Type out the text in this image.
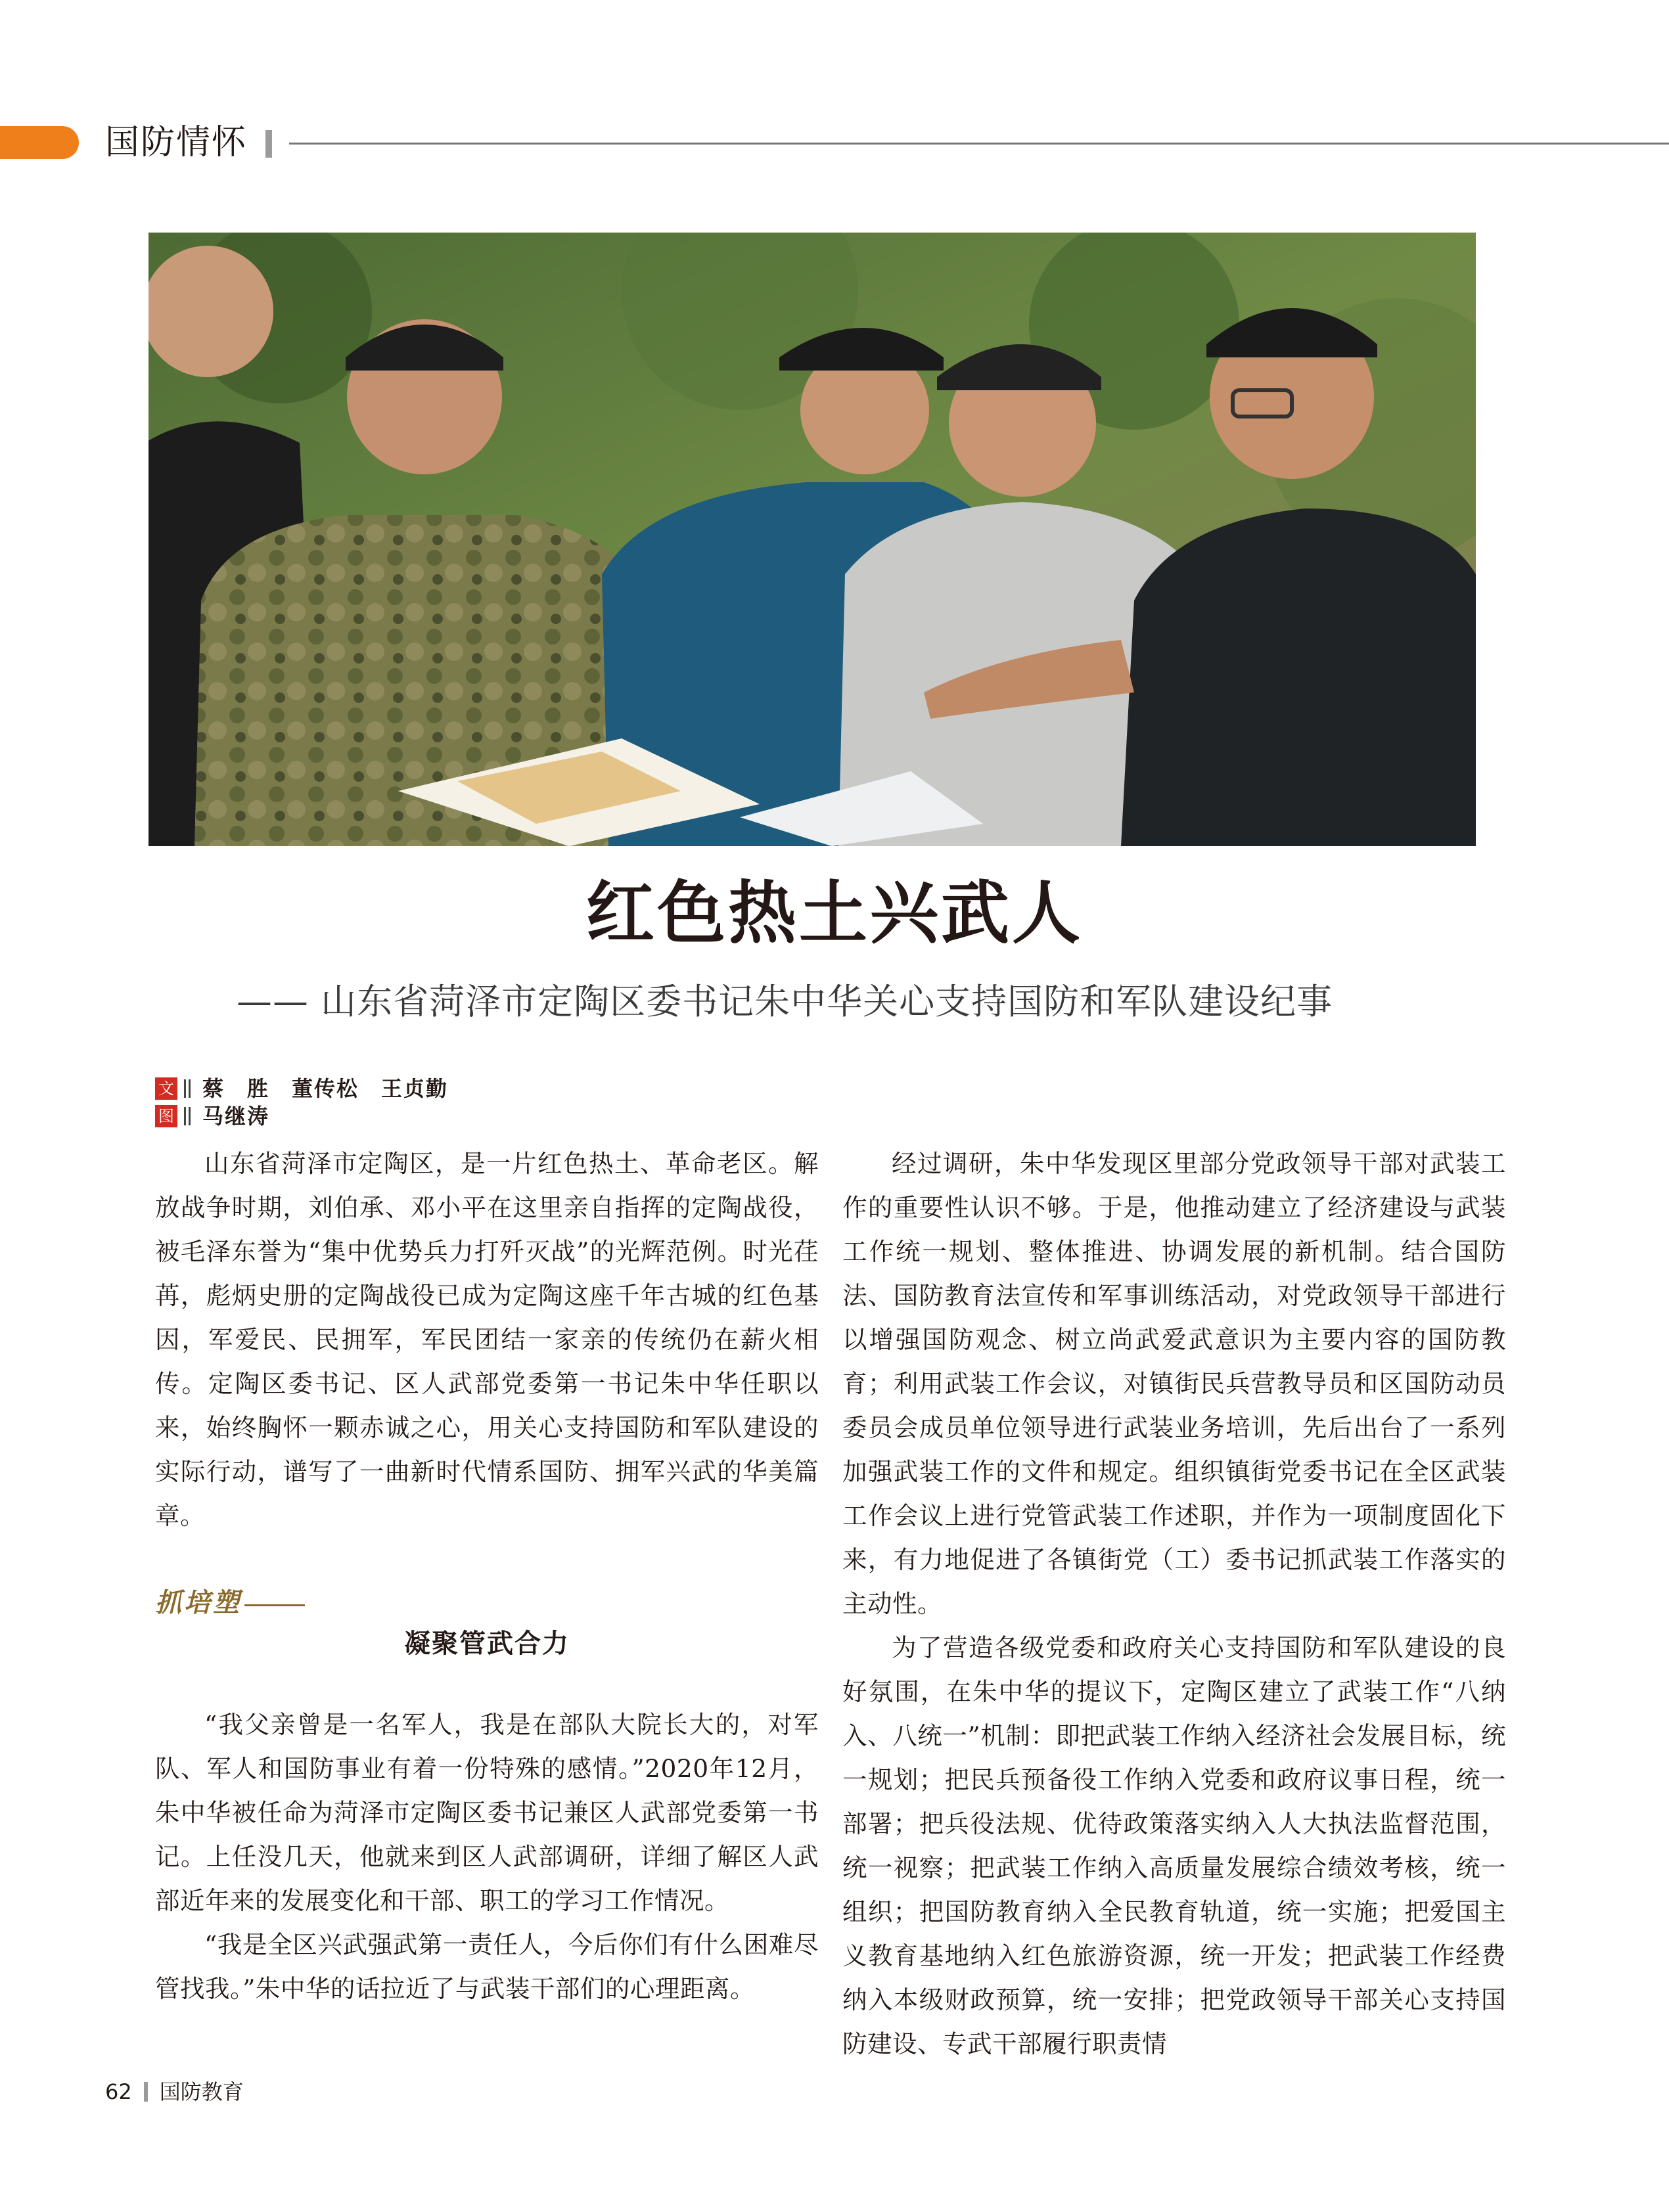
国防情怀
红色热土兴武人
—— 山东省菏泽市定陶区委书记朱中华关心支持国防和军队建设纪事
文 蔡　胜　董传松　王贞勤
图 马继涛

山东省菏泽市定陶区，是一片红色热土、革命老区。解放战争时期，刘伯承、邓小平在这里亲自指挥的定陶战役，被毛泽东誉为“集中优势兵力打歼灭战”的光辉范例。时光荏苒，彪炳史册的定陶战役已成为定陶这座千年古城的红色基因，军爱民、民拥军，军民团结一家亲的传统仍在薪火相传。定陶区委书记、区人武部党委第一书记朱中华任职以来，始终胸怀一颗赤诚之心，用关心支持国防和军队建设的实际行动，谱写了一曲新时代情系国防、拥军兴武的华美篇章。

抓培塑
凝聚管武合力

“我父亲曾是一名军人，我是在部队大院长大的，对军队、军人和国防事业有着一份特殊的感情。”2020年12月，朱中华被任命为菏泽市定陶区委书记兼区人武部党委第一书记。上任没几天，他就来到区人武部调研，详细了解区人武部近年来的发展变化和干部、职工的学习工作情况。

“我是全区兴武强武第一责任人，今后你们有什么困难尽管找我。”朱中华的话拉近了与武装干部们的心理距离。

经过调研，朱中华发现区里部分党政领导干部对武装工作的重要性认识不够。于是，他推动建立了经济建设与武装工作统一规划、整体推进、协调发展的新机制。结合国防法、国防教育法宣传和军事训练活动，对党政领导干部进行以增强国防观念、树立尚武爱武意识为主要内容的国防教育；利用武装工作会议，对镇街民兵营教导员和区国防动员委员会成员单位领导进行武装业务培训，先后出台了一系列加强武装工作的文件和规定。组织镇街党委书记在全区武装工作会议上进行党管武装工作述职，并作为一项制度固化下来，有力地促进了各镇街党（工）委书记抓武装工作落实的主动性。

为了营造各级党委和政府关心支持国防和军队建设的良好氛围，在朱中华的提议下，定陶区建立了武装工作“八纳入、八统一”机制：即把武装工作纳入经济社会发展目标，统一规划；把民兵预备役工作纳入党委和政府议事日程，统一部署；把兵役法规、优待政策落实纳入人大执法监督范围，统一视察；把武装工作纳入高质量发展综合绩效考核，统一组织；把国防教育纳入全民教育轨道，统一实施；把爱国主义教育基地纳入红色旅游资源，统一开发；把武装工作经费纳入本级财政预算，统一安排；把党政领导干部关心支持国防建设、专武干部履行职责情

62 国防教育
